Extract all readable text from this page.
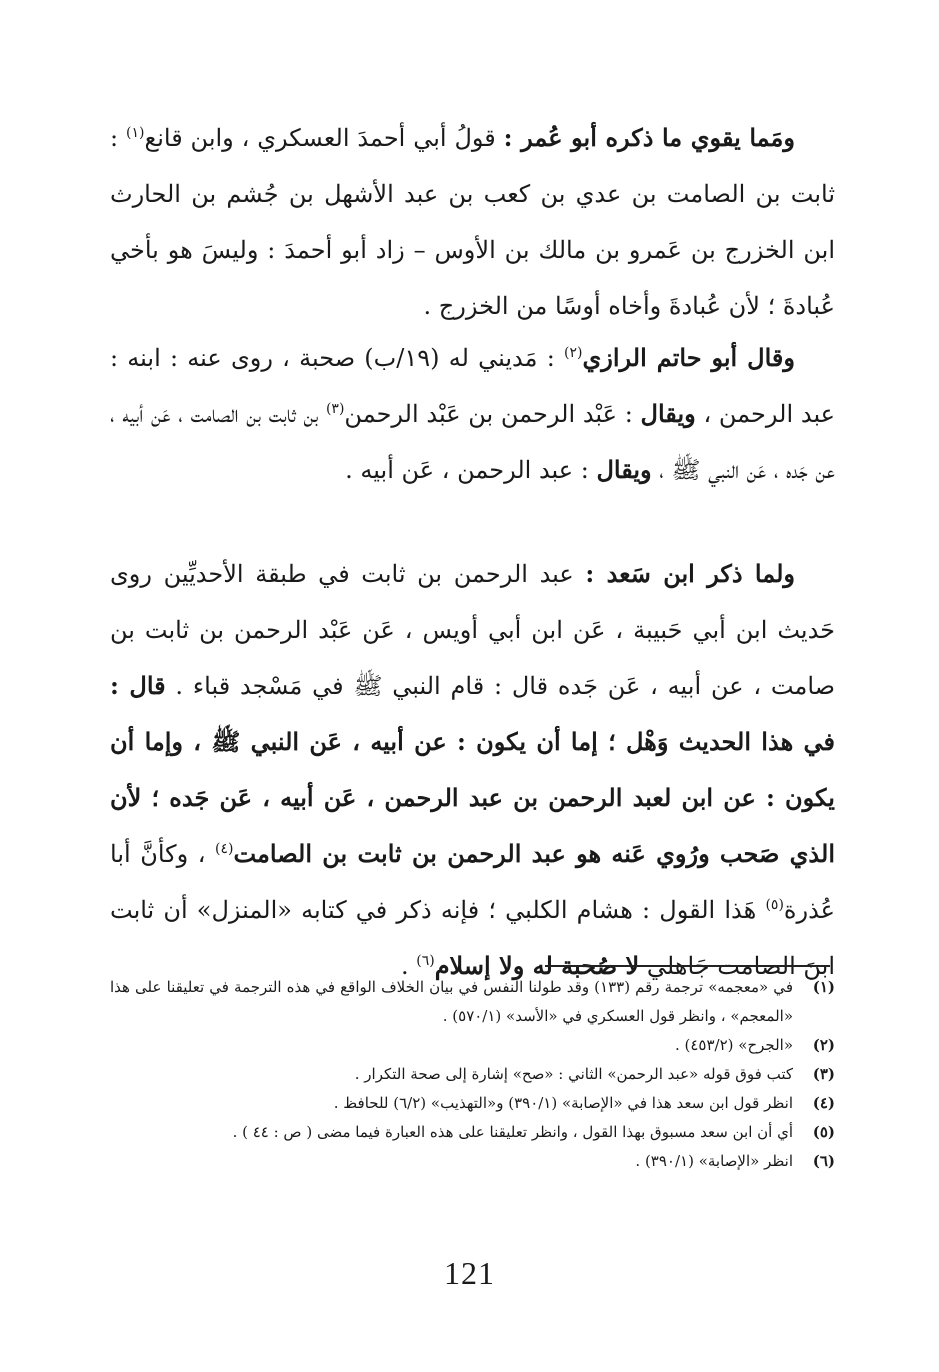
ومَما يقوي ما ذكره أبو عُمر : قولُ أبي أحمدَ العسكري ، وابن قانع$^{(١)}$ : ثابت بن الصامت بن عدي بن كعب بن عبد الأشهل بن جُشم بن الحارث ابن الخزرج بن عَمرو بن مالك بن الأوس – زاد أبو أحمدَ : وليسَ هو بأخي عُبادةَ ؛ لأن عُبادةَ وأخاه أوسًا من الخزرج .

وقال أبو حاتم الرازي$^{(٢)}$ : مَديني له (١٩/ب) صحبة ، روى عنه : ابنه : عبد الرحمن ، ويقال : عَبْد الرحمن بن عَبْد الرحمن$^{(٣)}$ بن ثابت بن الصامت ، عَن أبيه ، عن جَده ، عَن النبي ﷺ ، ويقال : عبد الرحمن ، عَن أبيه .

ولما ذكر ابن سَعد : عبد الرحمن بن ثابت في طبقة الأحديِّين روى حَديث ابن أبي حَبيبة ، عَن ابن أبي أويس ، عَن عَبْد الرحمن بن ثابت بن صامت ، عن أبيه ، عَن جَده قال : قام النبي ﷺ في مَسْجد قباء . قال : في هذا الحديث وَهْل ؛ إما أن يكون : عن أبيه ، عَن النبي ﷺ ، وإما أن يكون : عن ابن لعبد الرحمن بن عبد الرحمن ، عَن أبيه ، عَن جَده ؛ لأن الذي صَحب ورُوي عَنه هو عبد الرحمن بن ثابت بن الصامت$^{(٤)}$ ، وكأنَّ أبا عُذرة$^{(٥)}$ هَذا القول : هشام الكلبي ؛ فإنه ذكر في كتابه «المنزل» أن ثابت ابنَ الصامت جَاهلي لا صُحبة له ولا إسلام$^{(٦)}$ .

(١)
في «معجمه» ترجمة رقم (١٣٣) وقد طولنا النفس في بيان الخلاف الواقع في هذه الترجمة في تعليقنا على هذا «المعجم» ، وانظر قول العسكري في «الأسد» (٥٧٠/١) .
(٢)
«الجرح» (٤٥٣/٢) .
(٣)
كتب فوق قوله «عبد الرحمن» الثاني : «صح» إشارة إلى صحة التكرار .
(٤)
انظر قول ابن سعد هذا في «الإصابة» (٣٩٠/١) و«التهذيب» (٦/٢) للحافظ .
(٥)
أي أن ابن سعد مسبوق بهذا القول ، وانظر تعليقنا على هذه العبارة فيما مضى ( ص : ٤٤ ) .
(٦)
انظر «الإصابة» (٣٩٠/١) .
121
